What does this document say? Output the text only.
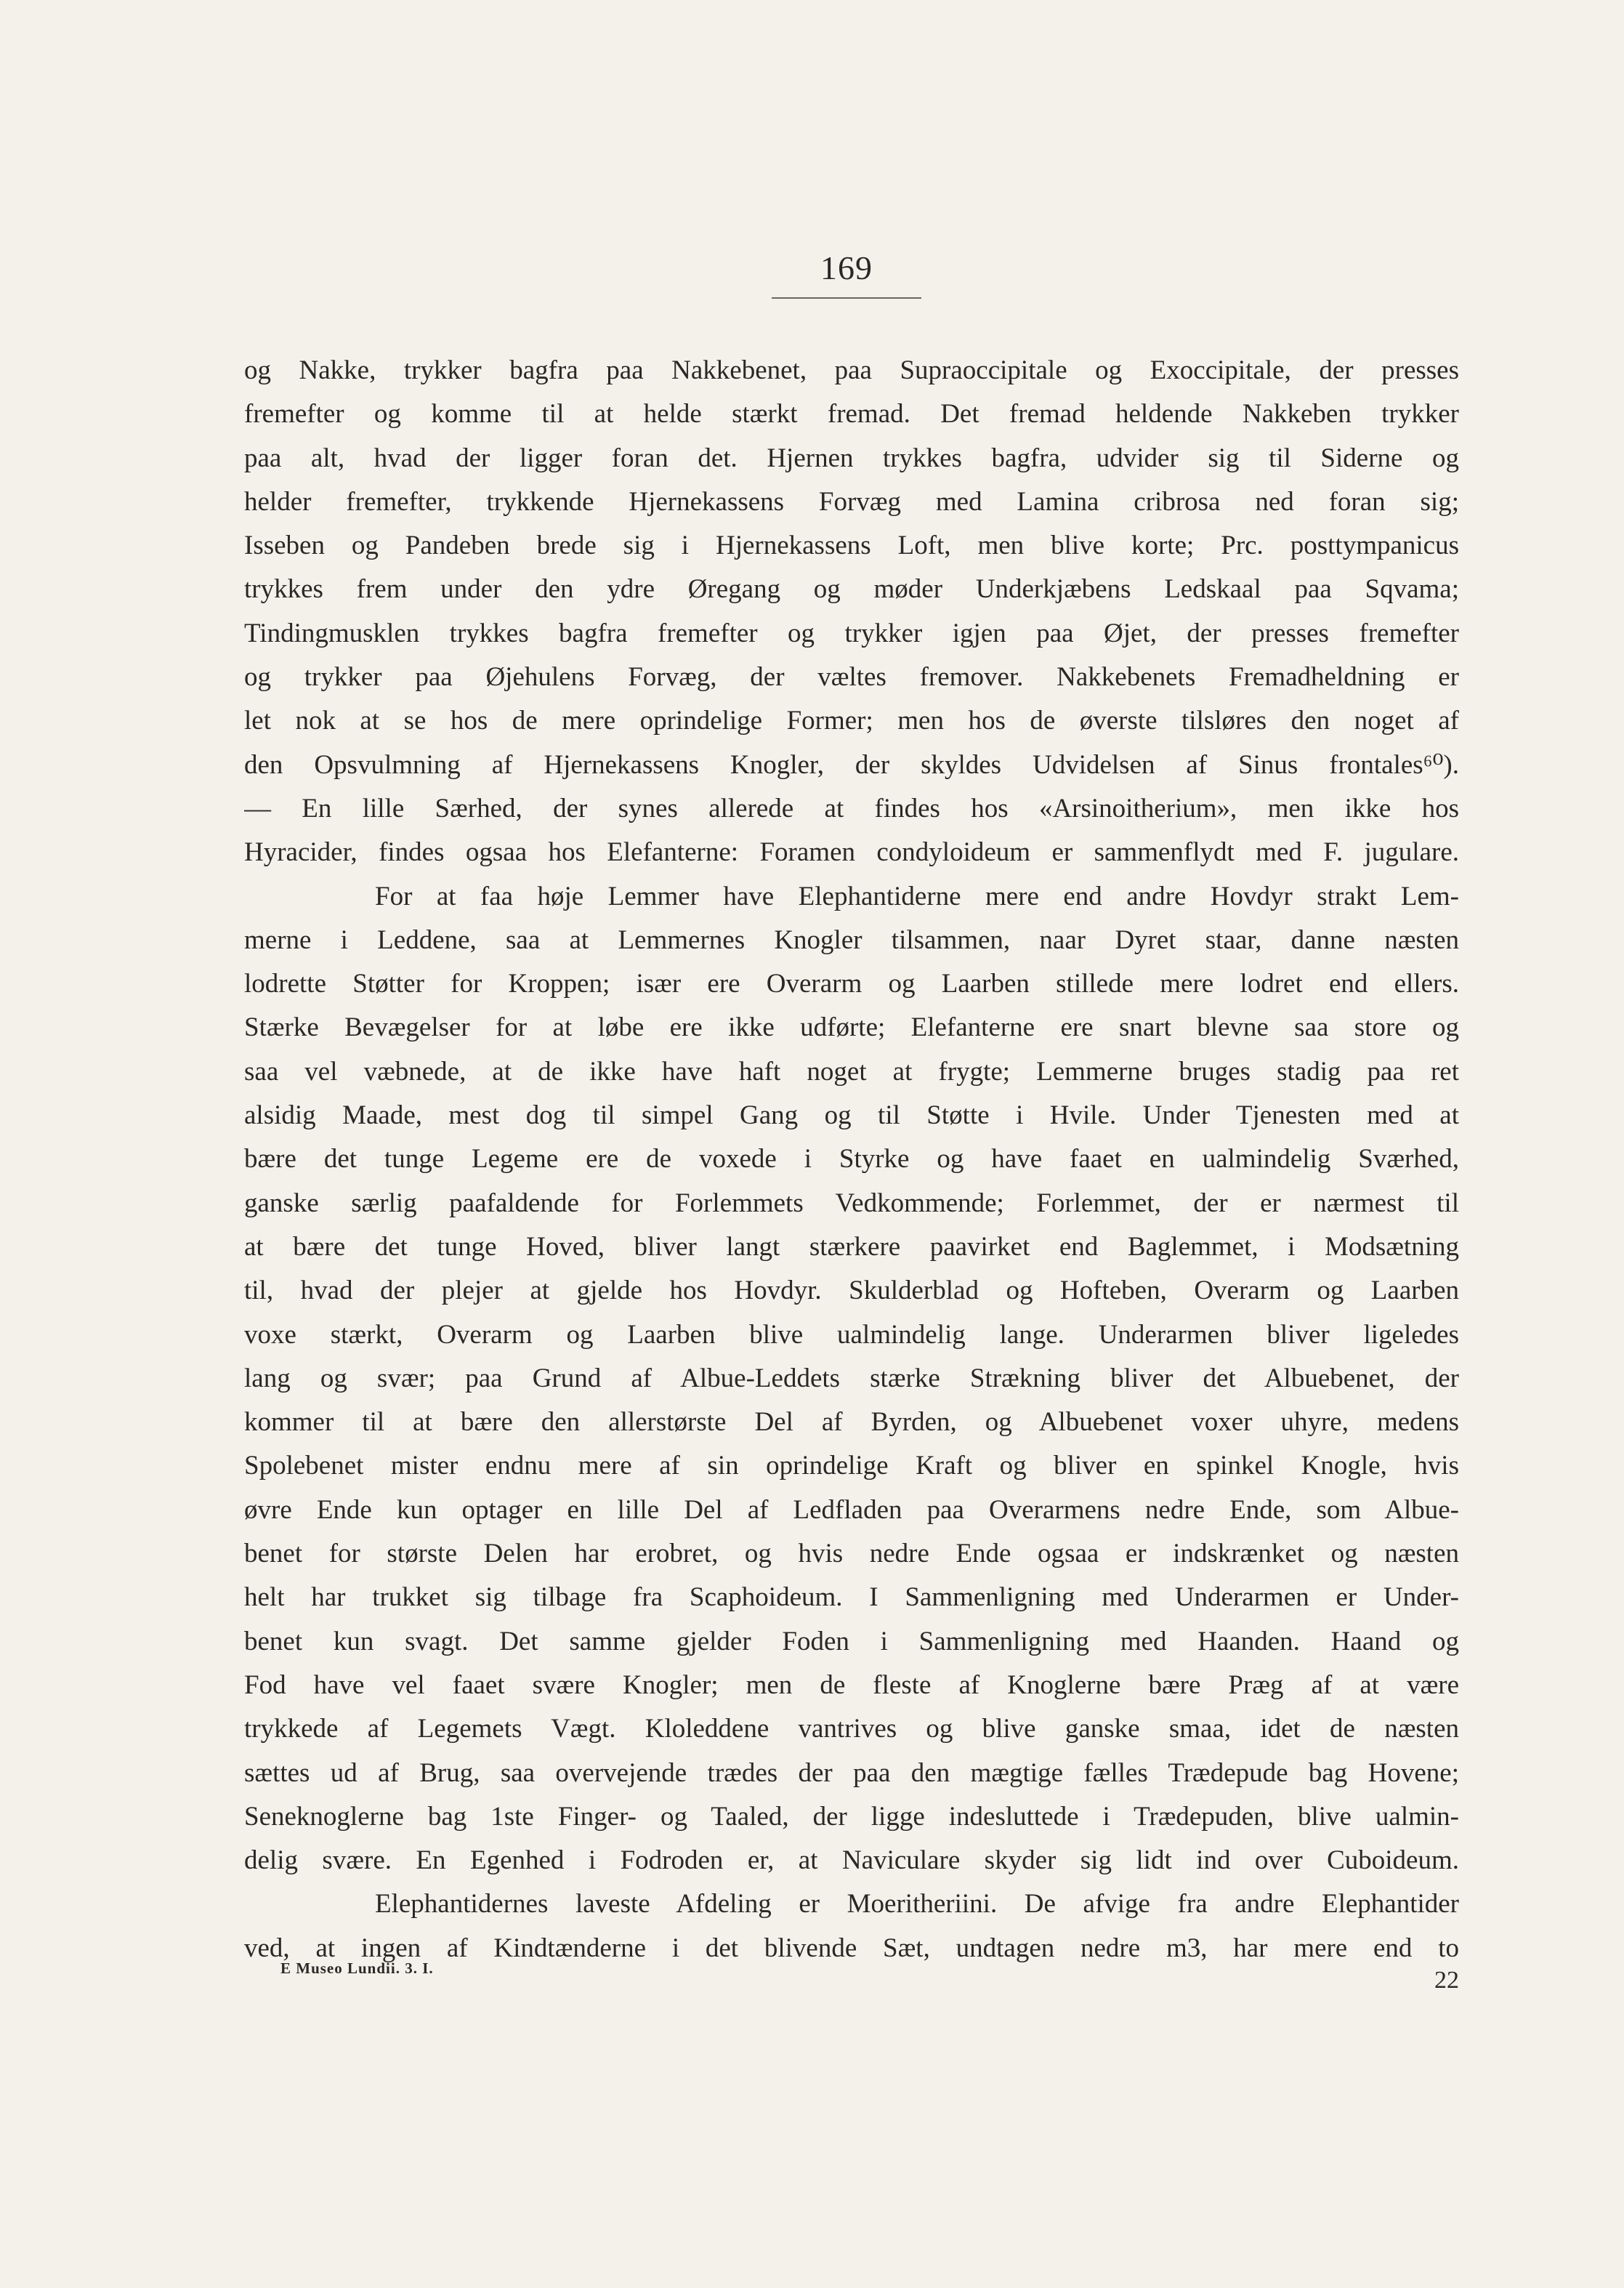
169
og Nakke, trykker bagfra paa Nakkebenet, paa Supraoccipitale og Exoccipitale, der presses
fremefter og komme til at helde stærkt fremad. Det fremad heldende Nakkeben trykker
paa alt, hvad der ligger foran det. Hjernen trykkes bagfra, udvider sig til Siderne og
helder fremefter, trykkende Hjernekassens Forvæg med Lamina cribrosa ned foran sig;
Isseben og Pandeben brede sig i Hjernekassens Loft, men blive korte; Prc. posttympanicus
trykkes frem under den ydre Øregang og møder Underkjæbens Ledskaal paa Sqvama;
Tindingmusklen trykkes bagfra fremefter og trykker igjen paa Øjet, der presses fremefter
og trykker paa Øjehulens Forvæg, der væltes fremover. Nakkebenets Fremadheldning er
let nok at se hos de mere oprindelige Former; men hos de øverste tilsløres den noget af
den Opsvulmning af Hjernekassens Knogler, der skyldes Udvidelsen af Sinus frontales⁶⁰).
— En lille Særhed, der synes allerede at findes hos «Arsinoitherium», men ikke hos
Hyracider, findes ogsaa hos Elefanterne: Foramen condyloideum er sammenflydt med F. jugulare.
For at faa høje Lemmer have Elephantiderne mere end andre Hovdyr strakt Lem-
merne i Leddene, saa at Lemmernes Knogler tilsammen, naar Dyret staar, danne næsten
lodrette Støtter for Kroppen; især ere Overarm og Laarben stillede mere lodret end ellers.
Stærke Bevægelser for at løbe ere ikke udførte; Elefanterne ere snart blevne saa store og
saa vel væbnede, at de ikke have haft noget at frygte; Lemmerne bruges stadig paa ret
alsidig Maade, mest dog til simpel Gang og til Støtte i Hvile. Under Tjenesten med at
bære det tunge Legeme ere de voxede i Styrke og have faaet en ualmindelig Sværhed,
ganske særlig paafaldende for Forlemmets Vedkommende; Forlemmet, der er nærmest til
at bære det tunge Hoved, bliver langt stærkere paavirket end Baglemmet, i Modsætning
til, hvad der plejer at gjelde hos Hovdyr. Skulderblad og Hofteben, Overarm og Laarben
voxe stærkt, Overarm og Laarben blive ualmindelig lange. Underarmen bliver ligeledes
lang og svær; paa Grund af Albue-Leddets stærke Strækning bliver det Albuebenet, der
kommer til at bære den allerstørste Del af Byrden, og Albuebenet voxer uhyre, medens
Spolebenet mister endnu mere af sin oprindelige Kraft og bliver en spinkel Knogle, hvis
øvre Ende kun optager en lille Del af Ledfladen paa Overarmens nedre Ende, som Albue-
benet for største Delen har erobret, og hvis nedre Ende ogsaa er indskrænket og næsten
helt har trukket sig tilbage fra Scaphoideum. I Sammenligning med Underarmen er Under-
benet kun svagt. Det samme gjelder Foden i Sammenligning med Haanden. Haand og
Fod have vel faaet svære Knogler; men de fleste af Knoglerne bære Præg af at være
trykkede af Legemets Vægt. Kloleddene vantrives og blive ganske smaa, idet de næsten
sættes ud af Brug, saa overvejende trædes der paa den mægtige fælles Trædepude bag Hovene;
Seneknoglerne bag 1ste Finger- og Taaled, der ligge indesluttede i Trædepuden, blive ualmin-
delig svære. En Egenhed i Fodroden er, at Naviculare skyder sig lidt ind over Cuboideum.
Elephantidernes laveste Afdeling er Moeritheriini. De afvige fra andre Elephantider
ved, at ingen af Kindtænderne i det blivende Sæt, undtagen nedre m3, har mere end to
E Museo Lundii. 3. I.	22
